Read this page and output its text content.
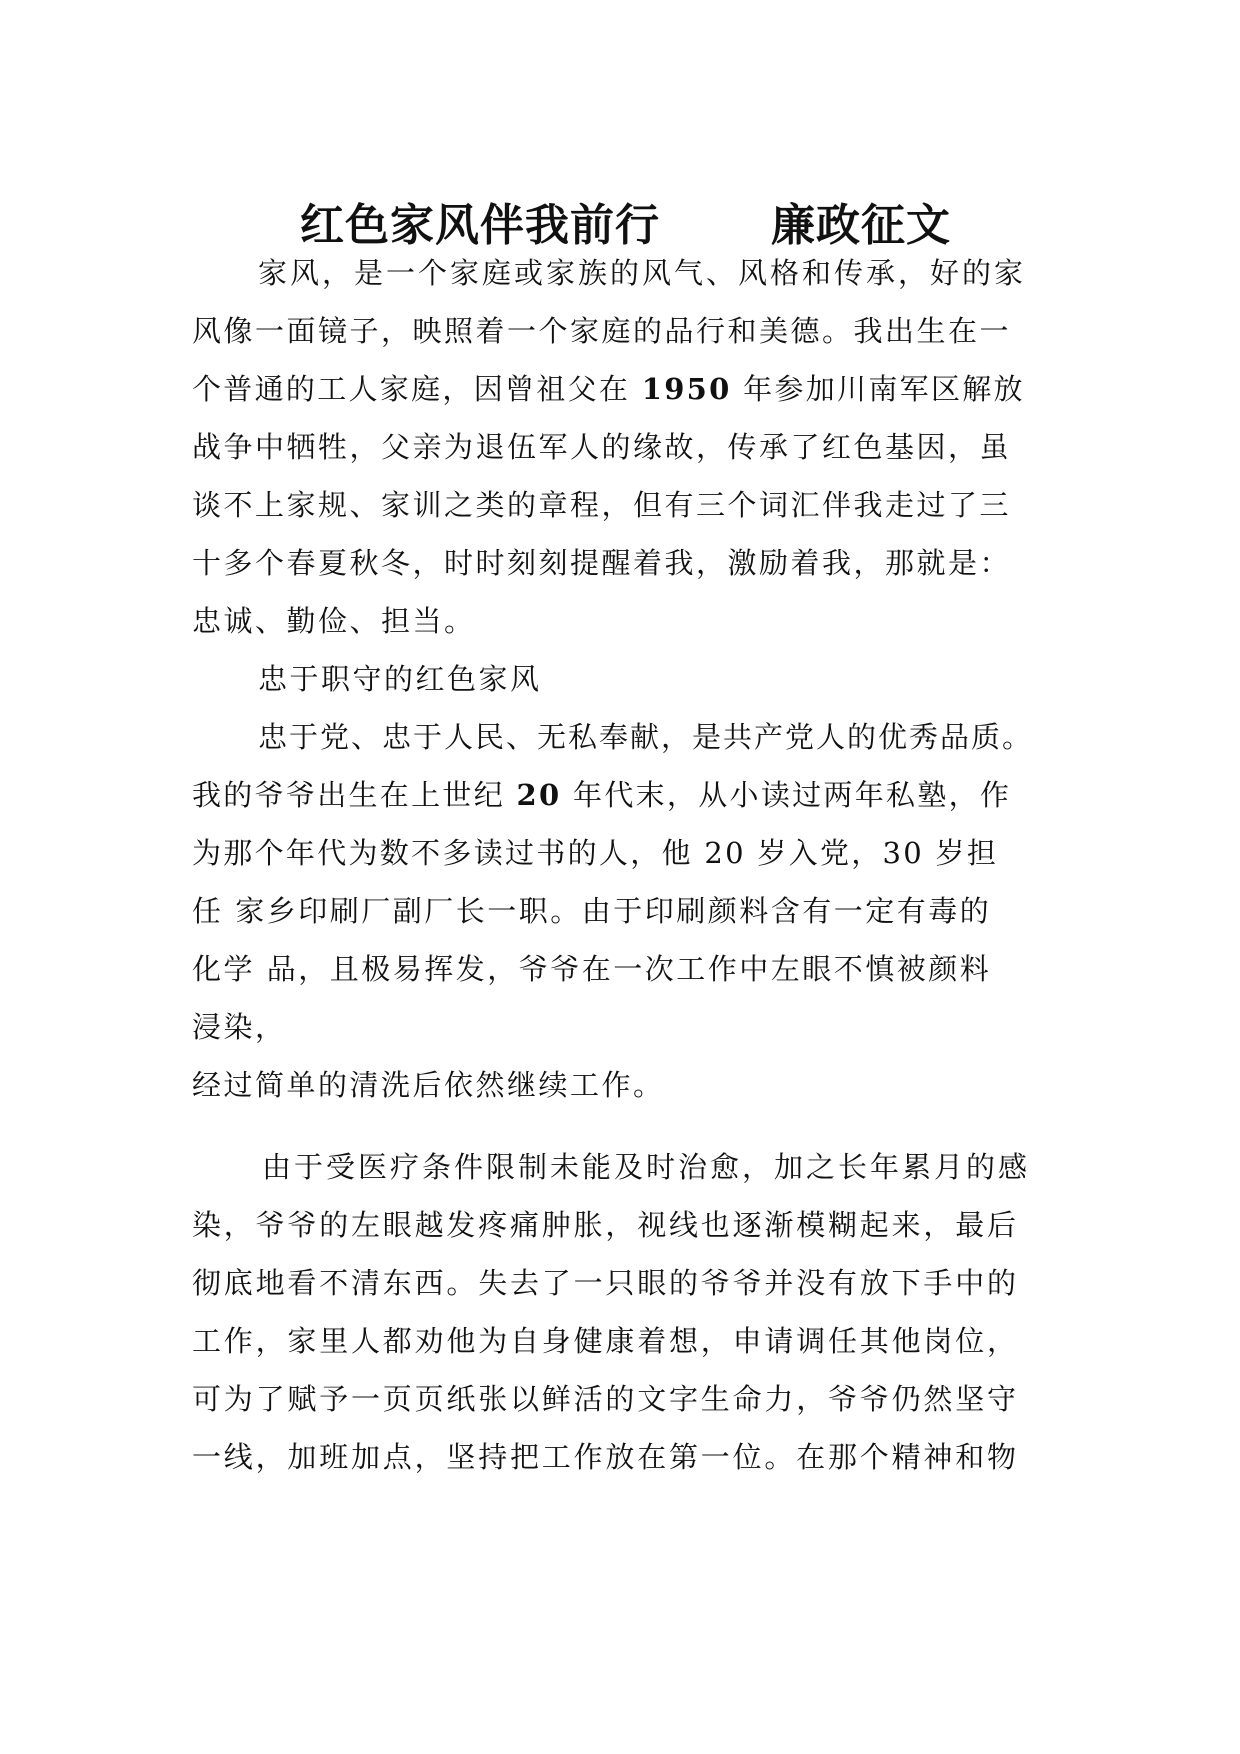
红色家风伴我前行	廉政征文
家风，是一个家庭或家族的风气、风格和传承，好的家
风像一面镜子，映照着一个家庭的品行和美德。我出生在一
个普通的工人家庭，因曾祖父在 1950 年参加川南军区解放
战争中牺牲，父亲为退伍军人的缘故，传承了红色基因，虽
谈不上家规、家训之类的章程，但有三个词汇伴我走过了三
十多个春夏秋冬，时时刻刻提醒着我，激励着我，那就是：
忠诚、勤俭、担当。
忠于职守的红色家风
忠于党、忠于人民、无私奉献，是共产党人的优秀品质。
我的爷爷出生在上世纪 20 年代末，从小读过两年私塾，作
为那个年代为数不多读过书的人，他 20 岁入党，30 岁担
任 家乡印刷厂副厂长一职。由于印刷颜料含有一定有毒的
化学 品，且极易挥发，爷爷在一次工作中左眼不慎被颜料
浸染，
经过简单的清洗后依然继续工作。
由于受医疗条件限制未能及时治愈，加之长年累月的感
染，爷爷的左眼越发疼痛肿胀，视线也逐渐模糊起来，最后
彻底地看不清东西。失去了一只眼的爷爷并没有放下手中的
工作，家里人都劝他为自身健康着想，申请调任其他岗位，
可为了赋予一页页纸张以鲜活的文字生命力，爷爷仍然坚守
一线，加班加点，坚持把工作放在第一位。在那个精神和物
